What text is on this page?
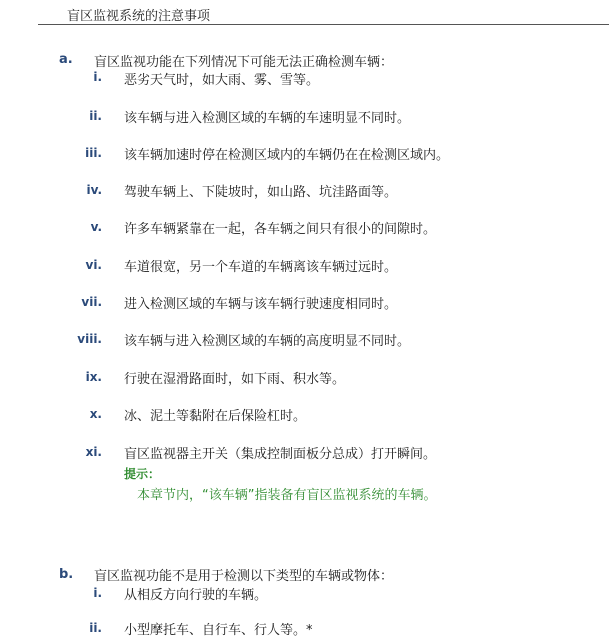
盲区监视系统的注意事项
a. 盲区监视功能在下列情况下可能无法正确检测车辆：
i. 恶劣天气时，如大雨、雾、雪等。
ii. 该车辆与进入检测区域的车辆的车速明显不同时。
iii. 该车辆加速时停在检测区域内的车辆仍在在检测区域内。
iv. 驾驶车辆上、下陡坡时，如山路、坑洼路面等。
v. 许多车辆紧靠在一起，各车辆之间只有很小的间隙时。
vi. 车道很宽，另一个车道的车辆离该车辆过远时。
vii. 进入检测区域的车辆与该车辆行驶速度相同时。
viii. 该车辆与进入检测区域的车辆的高度明显不同时。
ix. 行驶在湿滑路面时，如下雨、积水等。
x. 冰、泥土等黏附在后保险杠时。
xi. 盲区监视器主开关（集成控制面板分总成）打开瞬间。
提示：
本章节内，“该车辆”指装备有盲区监视系统的车辆。
b. 盲区监视功能不是用于检测以下类型的车辆或物体：
i. 从相反方向行驶的车辆。
ii. 小型摩托车、自行车、行人等。*
